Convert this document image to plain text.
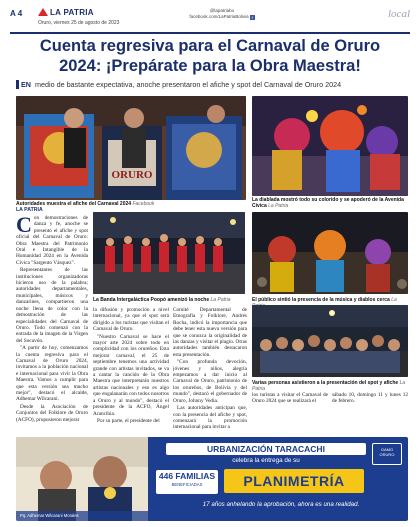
A 4	LA PATRIA
Oruro, viernes 25 de agosto de 2023
@lapatriabo
facebook.com/LaPatriaBolivia f	local
Cuenta regresiva para el Carnaval de Oruro 2024: ¡Prepárate para la Obra Maestra!
EN medio de bastante expectativa, anoche presentaron el afiche y spot del Carnaval de Oruro 2024
ORURO
Autoridades muestra el afiche del Carnaval 2024 Facebook
La diablada mostró todo su colorido y se apoderó de la Avenida Cívica La Patria
La Banda Intergaláctica Poopó amenizó la noche La Patria	El público sintió la presencia de la música y diablos cerca La
Varias personas asistieron a la presentación del spot y afiche La Patria
LA PATRIA

Con demostraciones de danza y fe, anoche se presentó el afiche y spot oficial del Carnaval de Oruro: Obra Maestra del Patrimonio Oral e Intangible de la Humanidad 2024 en la Avenida Cívica "Sargento Vásquez".

Representantes de las instituciones organizadoras hicieron uso de la palabra; autoridades departamentales, municipales, músicos y danzarines, compartieron una noche llena de color con la demostración de las especialidades del Carnaval de Oruro. Todo comenzó con la entrada de la imagen de la Virgen del Socavón.

"A partir de hoy, comenzamos la cuenta regresiva para el Carnaval de Oruro 2024, invitamos a la población nacional e internacional para vivir la Obra Maestra. Vamos a cumplir para que esta versión sea mucho mejor", destacó el alcalde, Adhemar Wilcarani.

Desde la Asociación de Conjuntos del Folklore de Oruro (ACFO), propusieron mejorar

la difusión y promoción a nivel internacional, ya que el spot será dirigido a los turistas que visitan el Carnaval de Oruro.

"Nuestro Carnaval se hace el mayor arte 2024 sobre todo en complicidad con los orureños. Esta mejorar carnaval, el 25 de septiembre tenemos una actividad grande con artistas invitados, se va a cantar la canción de la Obra Maestra que interpretarán nuestros artistas nacionales y eso es algo que engalanarán con todos nosotros a Oruro y al mundo", destacó el presidente de la ACFO, Ángel Arancibia.

Por su parte, el presidente del

Comité Departamental de Etnografía y Folklore, Andrés Rocha, indicó la importancia que debe tener esta nueva versión para que se conozca la originalidad de las danzas y visitar el plagio. Otras autoridades también destacaron esta presentación.

"Con profunda devoción, jóvenes y niños, alegría empezamos a dar inicio al Carnaval de Oruro, patrimonio de los orureños, de Bolivia y del mundo", destacó el gobernador de Oruro, Johnny Vedia.

Las autoridades anticipan que, con la presencia del afiche y spot, comenzará la promoción internacional para invitar a

los turistas a visitar el Carnaval de Oruro 2024 que se realizará el

sábado 10, domingo 11 y lunes 12 de febrero.

Pq. Adhemar Wilcarani Morales
URBANIZACIÓN TARACACHI
celebra la entrega de su
446 FAMILIAS
BENEFICIADAS	PLANIMETRÍA
17 años anhelando la aprobación, ahora es una realidad.
GAMO ORURO
